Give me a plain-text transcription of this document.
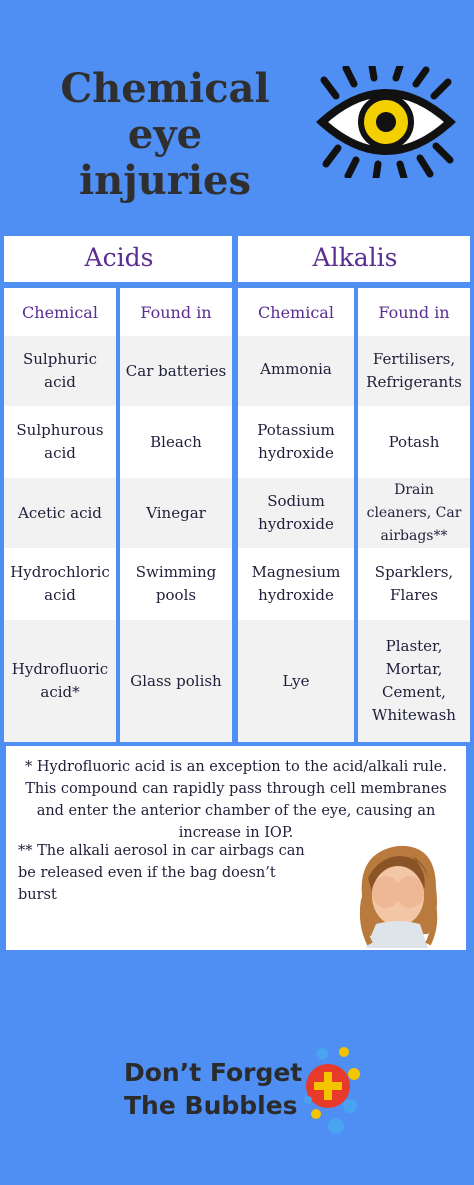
Chemical
eye injuries
Acids	Alkalis
Chemical
Sulphuric acid
Sulphurous acid
Acetic acid
Hydrochloric acid
Hydrofluoric acid*
Found in
Car batteries
Bleach
Vinegar
Swimming pools
Glass polish
Chemical
Ammonia
Potassium hydroxide
Sodium hydroxide
Magnesium hydroxide
Lye
Found in
Fertilisers, Refrigerants
Potash
Drain cleaners, Car airbags**
Sparklers, Flares
Plaster, Mortar, Cement, Whitewash
* Hydrofluoric acid is an exception to the acid/alkali rule. This compound can rapidly pass through cell membranes and enter the anterior chamber of the eye, causing an increase in IOP.
** The alkali aerosol in car airbags can be released even if the bag doesn’t burst
Don’t Forget
The Bubbles
